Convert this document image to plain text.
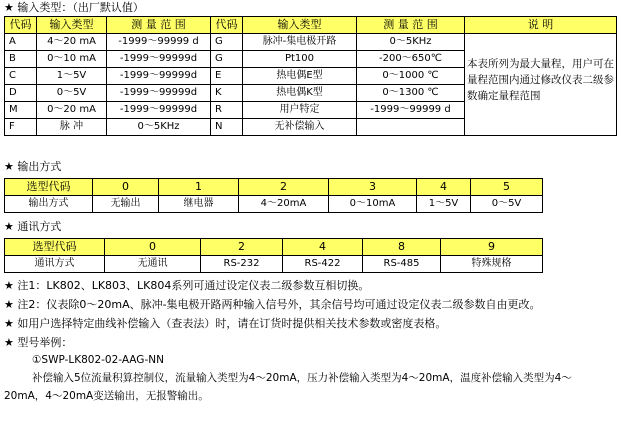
★ 输入类型：（出厂默认值）
代码	输入类型	测 量 范 围	代码	输入类型	测 量 范 围	说 明
A	4～20 mA	-1999～99999 d	G	脉冲-集电极开路	0～5KHz	本表所列为最大量程，用户可在量程范围内通过修改仪表二级参数确定量程范围

B	0～10 mA	-1999～99999d	G	Pt100	-200～650℃	
C	1～5V	-1999～99999d	E	热电偶E型	0～1000 ℃	
D	0～5V	-1999～99999d	K	热电偶K型	0～1300 ℃	
M	0～20 mA	-1999～99999d	R	用户特定	-1999～99999 d	
F	脉 冲	0～5KHz	N	无补偿输入		
★ 输出方式
选型代码	0	1	2	3	4	5
输出方式	无输出	继电器	4～20mA	0～10mA	1～5V	0～5V
★ 通讯方式
选型代码	0	2	4	8	9
通讯方式	无通讯	RS-232	RS-422	RS-485	特殊规格
★ 注1：LK802、LK803、LK804系列可通过设定仪表二级参数互相切换。
★ 注2：仪表除0～20mA、脉冲-集电极开路两种输入信号外，其余信号均可通过设定仪表二级参数自由更改。
★ 如用户选择特定曲线补偿输入（查表法）时，请在订货时提供相关技术参数或密度表格。
★ 型号举例：
①SWP-LK802-02-AAG-NN
补偿输入5位流量积算控制仪，流量输入类型为4～20mA，压力补偿输入类型为4～20mA，温度补偿输入类型为4～
20mA，4～20mA变送输出，无报警输出。
